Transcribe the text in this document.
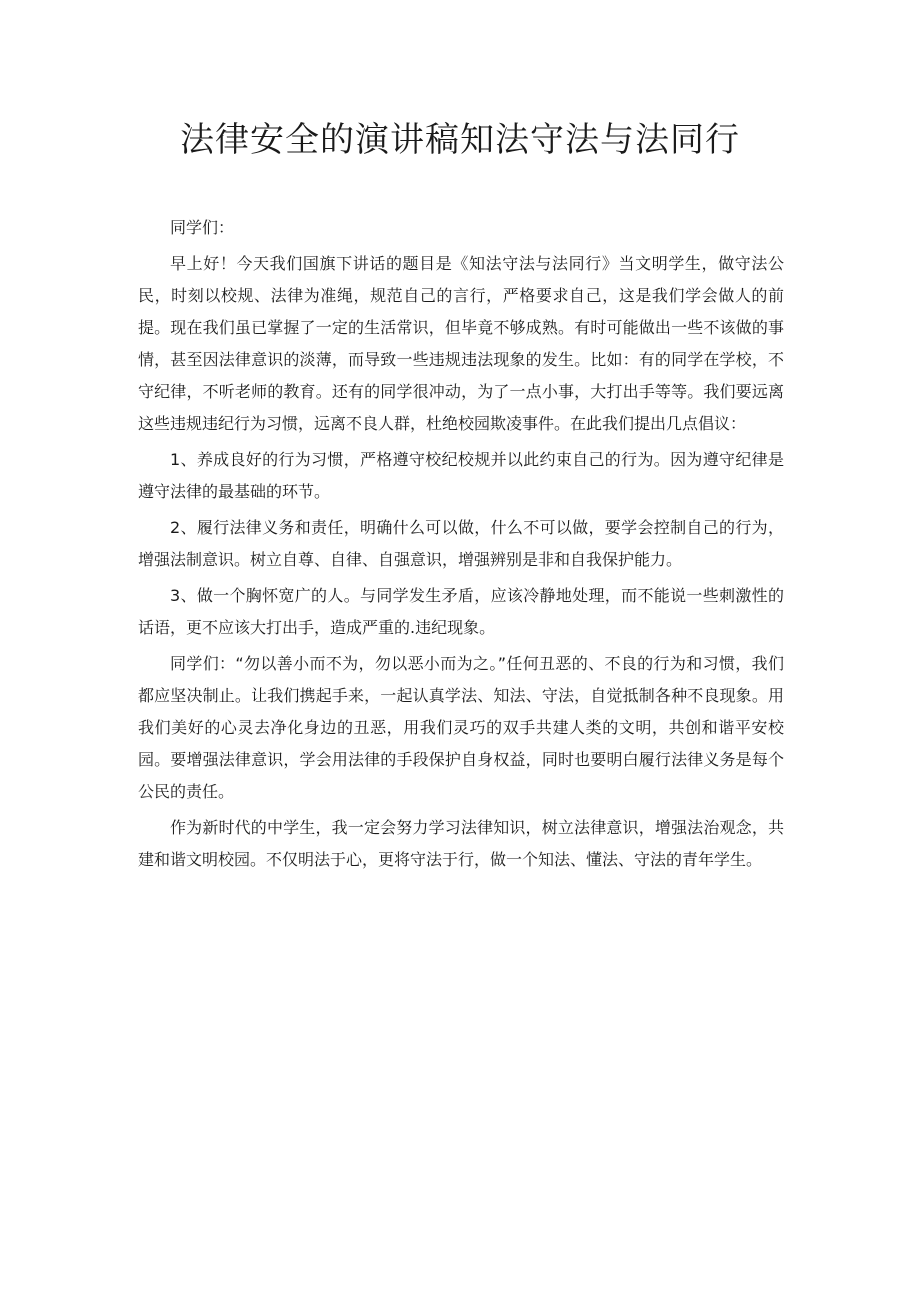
法律安全的演讲稿知法守法与法同行

同学们：

早上好！今天我们国旗下讲话的题目是《知法守法与法同行》当文明学生，做守法公民，时刻以校规、法律为准绳，规范自己的言行，严格要求自己，这是我们学会做人的前提。现在我们虽已掌握了一定的生活常识，但毕竟不够成熟。有时可能做出一些不该做的事情，甚至因法律意识的淡薄，而导致一些违规违法现象的发生。比如：有的同学在学校，不守纪律，不听老师的教育。还有的同学很冲动，为了一点小事，大打出手等等。我们要远离这些违规违纪行为习惯，远离不良人群，杜绝校园欺凌事件。在此我们提出几点倡议：

1、养成良好的行为习惯，严格遵守校纪校规并以此约束自己的行为。因为遵守纪律是遵守法律的最基础的环节。

2、履行法律义务和责任，明确什么可以做，什么不可以做，要学会控制自己的行为，增强法制意识。树立自尊、自律、自强意识，增强辨别是非和自我保护能力。

3、做一个胸怀宽广的人。与同学发生矛盾，应该冷静地处理，而不能说一些刺激性的话语，更不应该大打出手，造成严重的.违纪现象。

同学们：“勿以善小而不为，勿以恶小而为之。”任何丑恶的、不良的行为和习惯，我们都应坚决制止。让我们携起手来，一起认真学法、知法、守法，自觉抵制各种不良现象。用我们美好的心灵去净化身边的丑恶，用我们灵巧的双手共建人类的文明，共创和谐平安校园。要增强法律意识，学会用法律的手段保护自身权益，同时也要明白履行法律义务是每个公民的责任。

作为新时代的中学生，我一定会努力学习法律知识，树立法律意识，增强法治观念，共建和谐文明校园。不仅明法于心，更将守法于行，做一个知法、懂法、守法的青年学生。
